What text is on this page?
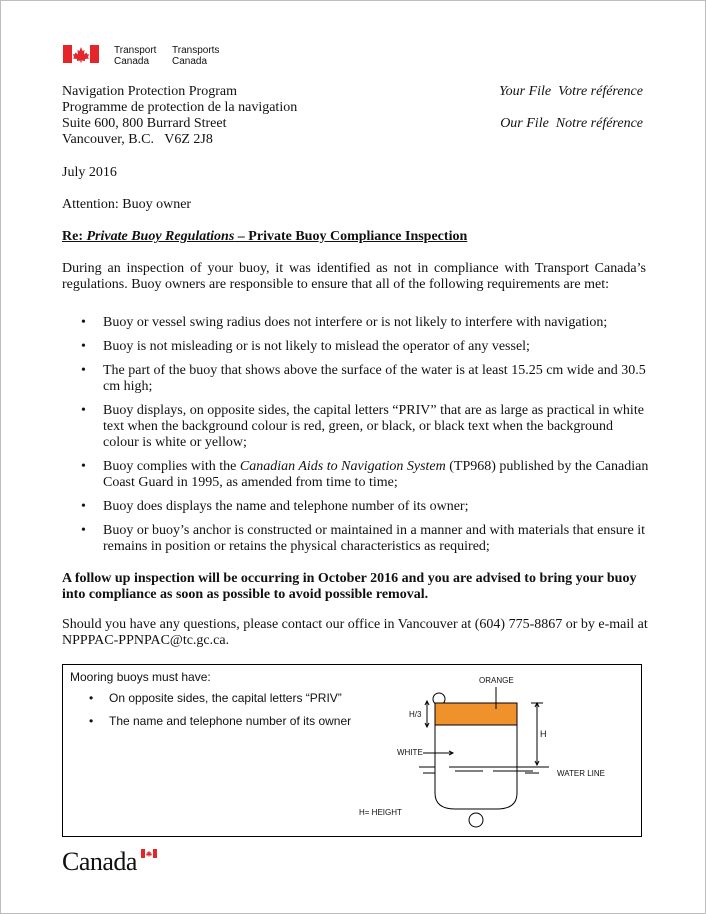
Transport
Canada
Transports
Canada
Navigation Protection Program
Programme de protection de la navigation
Suite 600, 800 Burrard Street
Vancouver, B.C.   V6Z 2J8
Your File  Votre référence
Our File  Notre référence
July 2016
Attention: Buoy owner
Re: Private Buoy Regulations – Private Buoy Compliance Inspection
During an inspection of your buoy, it was identified as not in compliance with Transport Canada’s regulations. Buoy owners are responsible to ensure that all of the following requirements are met:
• Buoy or vessel swing radius does not interfere or is not likely to interfere with navigation;
• Buoy is not misleading or is not likely to mislead the operator of any vessel;
• The part of the buoy that shows above the surface of the water is at least 15.25 cm wide and 30.5 cm high;
• Buoy displays, on opposite sides, the capital letters “PRIV” that are as large as practical in white text when the background colour is red, green, or black, or black text when the background colour is white or yellow;
• Buoy complies with the Canadian Aids to Navigation System (TP968) published by the Canadian Coast Guard in 1995, as amended from time to time;
• Buoy does displays the name and telephone number of its owner;
• Buoy or buoy’s anchor is constructed or maintained in a manner and with materials that ensure it remains in position or retains the physical characteristics as required;
A follow up inspection will be occurring in October 2016 and you are advised to bring your buoy into compliance as soon as possible to avoid possible removal.
Should you have any questions, please contact our office in Vancouver at (604) 775-8867 or by e-mail at
NPPPAC-PPNPAC@tc.gc.ca.
Mooring buoys must have:
• On opposite sides, the capital letters “PRIV”
• The name and telephone number of its owner
ORANGE
H/3
WHITE
H
WATER LINE
H= HEIGHT
Canada
